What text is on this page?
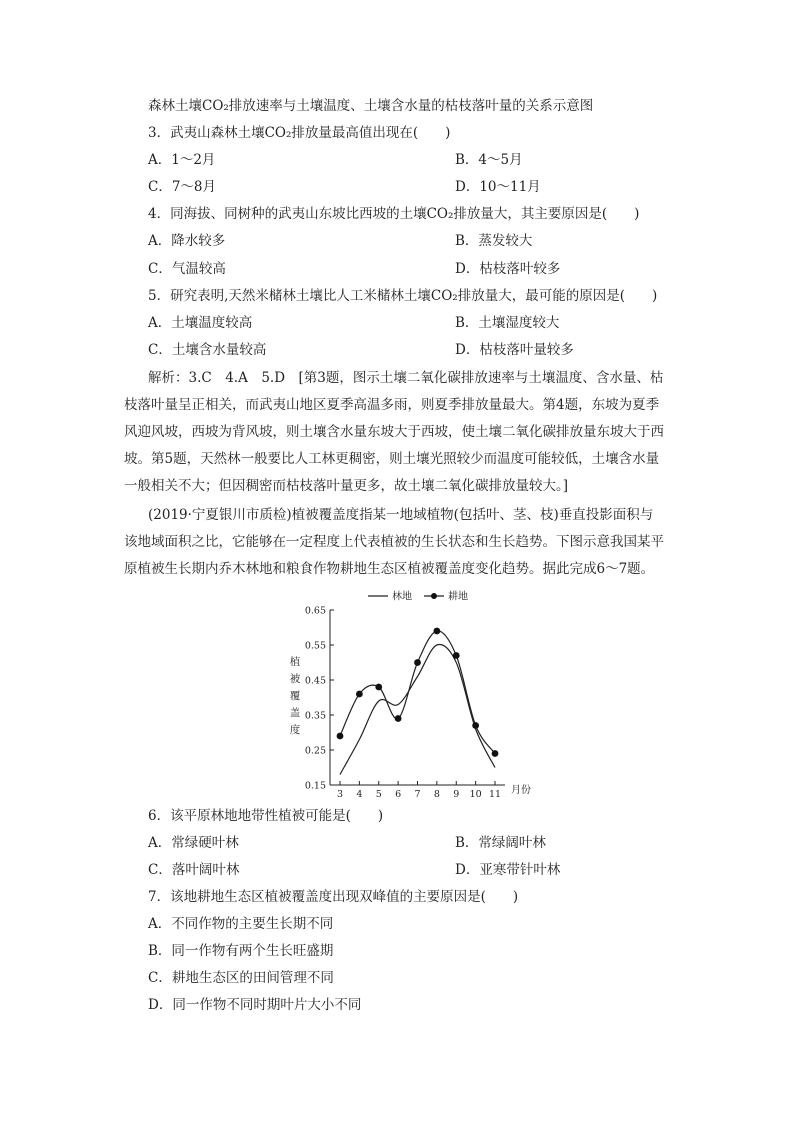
森林土壤CO₂排放速率与土壤温度、土壤含水量的枯枝落叶量的关系示意图
3．武夷山森林土壤CO₂排放量最高值出现在(　　)
A．1～2月	B．4～5月
C．7～8月	D．10～11月
4．同海拔、同树种的武夷山东坡比西坡的土壤CO₂排放量大，其主要原因是(　　)
A．降水较多	B．蒸发较大
C．气温较高	D．枯枝落叶较多
5．研究表明,天然米槠林土壤比人工米槠林土壤CO₂排放量大，最可能的原因是(　　)
A．土壤温度较高	B．土壤湿度较大
C．土壤含水量较高	D．枯枝落叶量较多
解析：3.C　4.A　5.D　[第3题，图示土壤二氧化碳排放速率与土壤温度、含水量、枯
枝落叶量呈正相关，而武夷山地区夏季高温多雨，则夏季排放量最大。第4题，东坡为夏季
风迎风坡，西坡为背风坡，则土壤含水量东坡大于西坡，使土壤二氧化碳排放量东坡大于西
坡。第5题，天然林一般要比人工林更稠密，则土壤光照较少而温度可能较低，土壤含水量
一般相关不大；但因稠密而枯枝落叶量更多，故土壤二氧化碳排放量较大。]
(2019·宁夏银川市质检)植被覆盖度指某一地域植物(包括叶、茎、枝)垂直投影面积与
该地域面积之比，它能够在一定程度上代表植被的生长状态和生长趋势。下图示意我国某平
原植被生长期内乔木林地和粮食作物耕地生态区植被覆盖度变化趋势。据此完成6～7题。
0.65
0.55
0.45
0.35
0.25
0.15
3 4 5 6 7 8 9 10 11 月份
植
被
覆
盖
度
林地	耕地
6．该平原林地地带性植被可能是(　　)
A．常绿硬叶林	B．常绿阔叶林
C．落叶阔叶林	D．亚寒带针叶林
7．该地耕地生态区植被覆盖度出现双峰值的主要原因是(　　)
A．不同作物的主要生长期不同
B．同一作物有两个生长旺盛期
C．耕地生态区的田间管理不同
D．同一作物不同时期叶片大小不同
